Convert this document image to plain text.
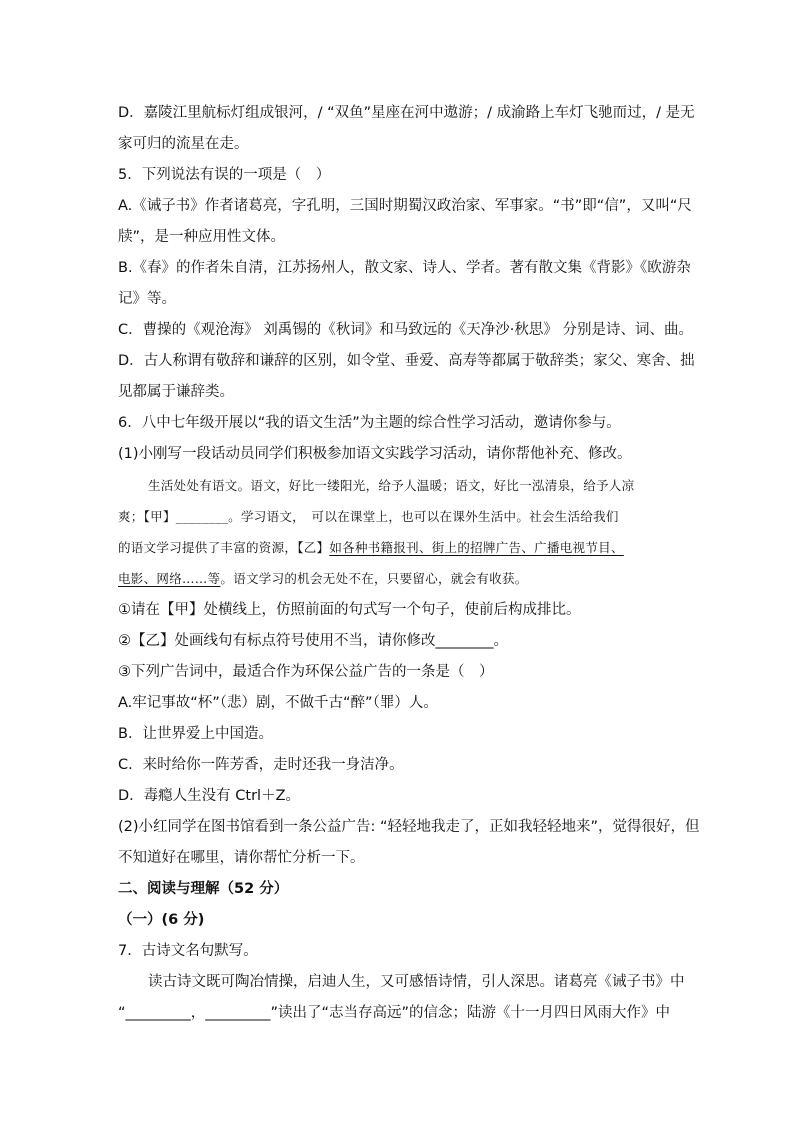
D．嘉陵江里航标灯组成银河，/ “双鱼”星座在河中遨游；/ 成渝路上车灯飞驰而过，/ 是无
家可归的流星在走。
5．下列说法有误的一项是（　）
A.《诫子书》作者诸葛亮，字孔明，三国时期蜀汉政治家、军事家。“书”即“信”，又叫“尺
牍”，是一种应用性文体。
B.《春》的作者朱自清，江苏扬州人，散文家、诗人、学者。著有散文集《背影》《欧游杂
记》等。
C．曹操的《观沧海》 刘禹锡的《秋词》和马致远的《天净沙·秋思》 分别是诗、词、曲。
D．古人称谓有敬辞和谦辞的区别，如令堂、垂爱、高寿等都属于敬辞类；家父、寒舍、拙
见都属于谦辞类。
6．八中七年级开展以“我的语文生活”为主题的综合性学习活动，邀请你参与。
(1)小刚写一段话动员同学们积极参加语文实践学习活动，请你帮他补充、修改。
生活处处有语文。语文，好比一缕阳光，给予人温暖；语文，好比一泓清泉，给予人凉
爽；【甲】________。学习语文，　可以在课堂上，也可以在课外生活中。社会生活给我们
的语文学习提供了丰富的资源，【乙】如各种书籍报刊、街上的招牌广告、广播电视节目、
电影、网络……等。语文学习的机会无处不在，只要留心，就会有收获。
①请在【甲】处横线上，仿照前面的句式写一个句子，使前后构成排比。
②【乙】处画线句有标点符号使用不当，请你修改________。
③下列广告词中，最适合作为环保公益广告的一条是（　）
A.牢记事故“杯”（悲）剧，不做千古“醉”（罪）人。
B．让世界爱上中国造。
C．来时给你一阵芳香，走时还我一身洁净。
D．毒瘾人生没有 Ctrl＋Z。
(2)小红同学在图书馆看到一条公益广告: “轻轻地我走了，正如我轻轻地来”，觉得很好，但
不知道好在哪里，请你帮忙分析一下。
二、阅读与理解（52 分）
（一）(6 分)
7．古诗文名句默写。
读古诗文既可陶冶情操，启迪人生，又可感悟诗情，引人深思。诸葛亮《诫子书》中
“_________，_________”读出了“志当存高远”的信念；陆游《十一月四日风雨大作》中
